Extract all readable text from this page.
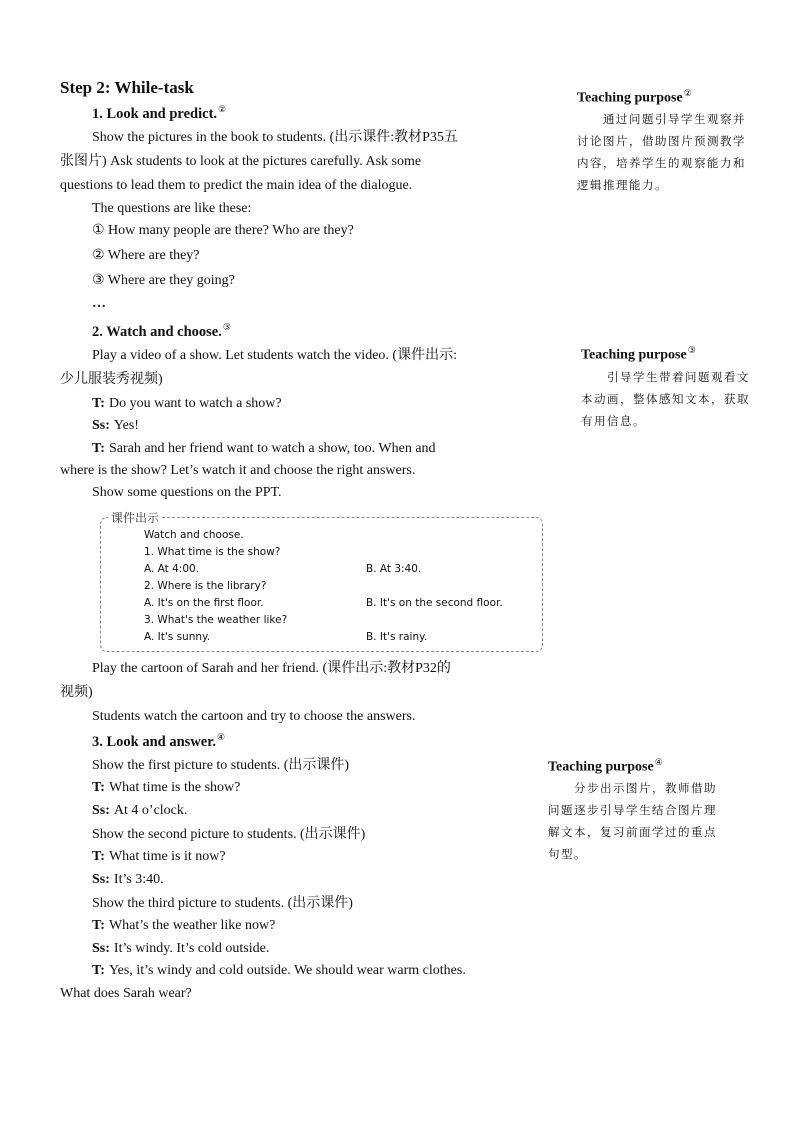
Step 2: While-task
1. Look and predict.②
Show the pictures in the book to students. (出示课件:教材P35五
张图片) Ask students to look at the pictures carefully. Ask some
questions to lead them to predict the main idea of the dialogue.
The questions are like these:
① How many people are there? Who are they?
② Where are they?
③ Where are they going?
…
2. Watch and choose.③
Play a video of a show. Let students watch the video. (课件出示:
少儿服装秀视频)
T: Do you want to watch a show?
Ss: Yes!
T: Sarah and her friend want to watch a show, too. When and
where is the show? Let’s watch it and choose the right answers.
Show some questions on the PPT.
课件出示
Watch and choose.
1. What time is the show?
A. At 4:00.	B. At 3:40.
2. Where is the library?
A. It's on the first floor.	B. It's on the second floor.
3. What's the weather like?
A. It's sunny.	B. It's rainy.
Play the cartoon of Sarah and her friend. (课件出示:教材P32的
视频)
Students watch the cartoon and try to choose the answers.
3. Look and answer.④
Show the first picture to students. (出示课件)
T: What time is the show?
Ss: At 4 o’clock.
Show the second picture to students. (出示课件)
T: What time is it now?
Ss: It’s 3:40.
Show the third picture to students. (出示课件)
T: What’s the weather like now?
Ss: It’s windy. It’s cold outside.
T: Yes, it’s windy and cold outside. We should wear warm clothes.
What does Sarah wear?
Teaching purpose②
　　通过问题引导学生观察并讨论图片，借助图片预测教学内容，培养学生的观察能力和逻辑推理能力。
Teaching purpose③
　　引导学生带着问题观看文本动画，整体感知文本，获取有用信息。
Teaching purpose④
　　分步出示图片，教师借助问题逐步引导学生结合图片理解文本，复习前面学过的重点句型。
